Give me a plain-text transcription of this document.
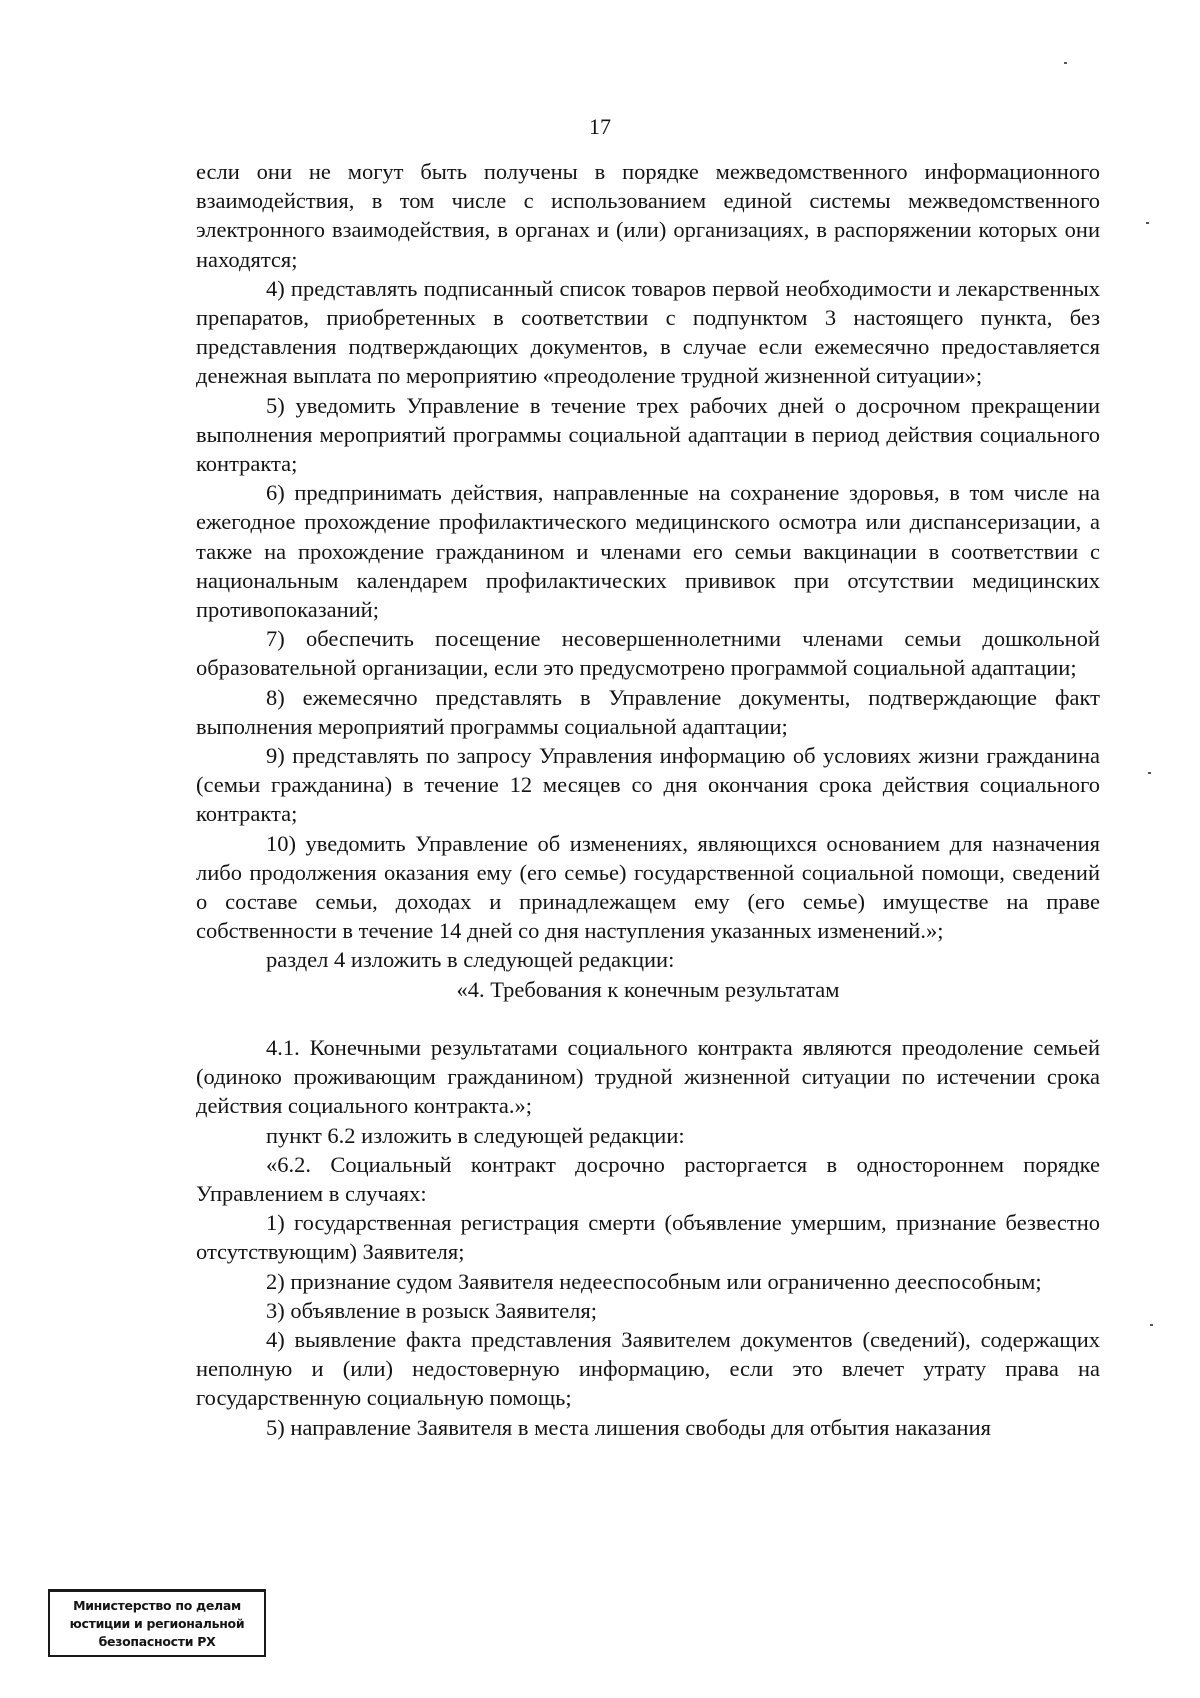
17

если они не могут быть получены в порядке межведомственного информационного взаимодействия, в том числе с использованием единой системы межведомственного электронного взаимодействия, в органах и (или) организациях, в распоряжении которых они находятся;

4) представлять подписанный список товаров первой необходимости и лекарственных препаратов, приобретенных в соответствии с подпунктом 3 настоящего пункта, без представления подтверждающих документов, в случае если ежемесячно предоставляется денежная выплата по мероприятию «преодоление трудной жизненной ситуации»;

5) уведомить Управление в течение трех рабочих дней о досрочном прекращении выполнения мероприятий программы социальной адаптации в период действия социального контракта;

6) предпринимать действия, направленные на сохранение здоровья, в том числе на ежегодное прохождение профилактического медицинского осмотра или диспансеризации, а также на прохождение гражданином и членами его семьи вакцинации в соответствии с национальным календарем профилактических прививок при отсутствии медицинских противопоказаний;

7) обеспечить посещение несовершеннолетними членами семьи дошкольной образовательной организации, если это предусмотрено программой социальной адаптации;

8) ежемесячно представлять в Управление документы, подтверждающие факт выполнения мероприятий программы социальной адаптации;

9) представлять по запросу Управления информацию об условиях жизни гражданина (семьи гражданина) в течение 12 месяцев со дня окончания срока действия социального контракта;

10) уведомить Управление об изменениях, являющихся основанием для назначения либо продолжения оказания ему (его семье) государственной социальной помощи, сведений о составе семьи, доходах и принадлежащем ему (его семье) имуществе на праве собственности в течение 14 дней со дня наступления указанных изменений.»;

раздел 4 изложить в следующей редакции:

«4. Требования к конечным результатам

4.1. Конечными результатами социального контракта являются преодоление семьей (одиноко проживающим гражданином) трудной жизненной ситуации по истечении срока действия социального контракта.»;

пункт 6.2 изложить в следующей редакции:

«6.2. Социальный контракт досрочно расторгается в одностороннем порядке Управлением в случаях:

1) государственная регистрация смерти (объявление умершим, признание безвестно отсутствующим) Заявителя;

2) признание судом Заявителя недееспособным или ограниченно дееспособным;

3) объявление в розыск Заявителя;

4) выявление факта представления Заявителем документов (сведений), содержащих неполную и (или) недостоверную информацию, если это влечет утрату права на государственную социальную помощь;

5) направление Заявителя в места лишения свободы для отбытия наказания

Министерство по делам
юстиции и региональной
безопасности РХ
